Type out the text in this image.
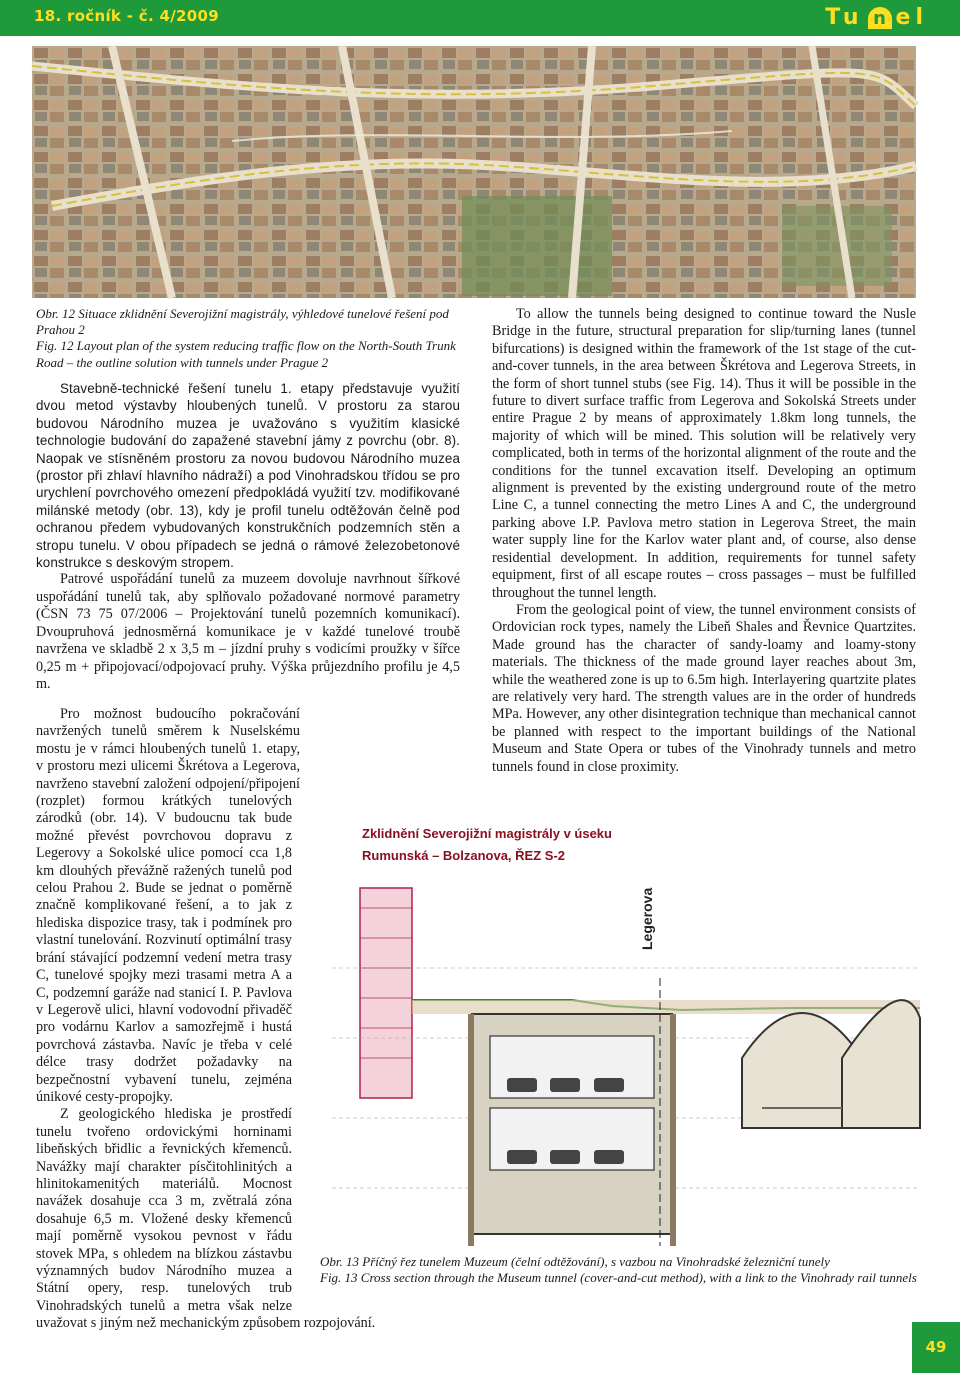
18. ročník - č. 4/2009	Tu n el
Obr. 12 Situace zklidnění Severojižní magistrály, výhledové tunelové řešení pod Prahou 2
Fig. 12 Layout plan of the system reducing traffic flow on the North-South Trunk Road – the outline solution with tunnels under Prague 2

Stavebně-technické řešení tunelu 1. etapy představuje využití dvou metod výstavby hloubených tunelů. V prostoru za starou budovou Národního muzea je uvažováno s využitím klasické technologie budování do zapažené stavební jámy z povrchu (obr. 8). Naopak ve stísněném prostoru za novou budovou Národního muzea (prostor při zhlaví hlavního nádraží) a pod Vinohradskou třídou se pro urychlení povrchového omezení předpokládá využití tzv. modifikované milánské metody (obr. 13), kdy je profil tunelu odtěžován čelně pod ochranou předem vybudovaných konstrukčních podzemních stěn a stropu tunelu. V obou případech se jedná o rámové železobetonové konstrukce s deskovým stropem.

Patrové uspořádání tunelů za muzeem dovoluje navrhnout šířkové uspořádání tunelů tak, aby splňovalo požadované normové parametry (ČSN 73 75 07/2006 – Projektování tunelů pozemních komunikací). Dvoupruhová jednosměrná komunikace je v každé tunelové troubě navržena ve skladbě 2 x 3,5 m – jízdní pruhy s vodicími proužky v šířce 0,25 m + připojovací/odpojovací pruhy. Výška průjezdního profilu je 4,5 m.

Pro možnost budoucího pokračování navržených tunelů směrem k Nuselskému mostu je v rámci hloubených tunelů 1. etapy, v prostoru mezi ulicemi Škrétova a Legerova, navrženo stavební založení odpojení/připojení (rozplet) formou krátkých tunelových zárodků (obr. 14). V budoucnu tak bude možné převést povrchovou dopravu z Legerovy a Sokolské ulice pomocí cca 1,8 km dlouhých převážně ražených tunelů pod celou Prahou 2. Bude se jednat o poměrně značně komplikované řešení, a to jak z hlediska dispozice trasy, tak i podmínek pro vlastní tunelování. Rozvinutí optimální trasy brání stávající podzemní vedení metra trasy C, tunelové spojky mezi trasami metra A a C, podzemní garáže nad stanicí I. P. Pavlova v Legerově ulici, hlavní vodovodní přivaděč pro vodárnu Karlov a samozřejmě i hustá povrchová zástavba. Navíc je třeba v celé délce trasy dodržet požadavky na bezpečnostní vybavení tunelu, zejména únikové cesty-propojky.

Z geologického hlediska je prostředí tunelu tvořeno ordovickými horninami libeňských břidlic a řevnických křemenců. Navážky mají charakter písčitohlinitých a hlinitokamenitých materiálů. Mocnost navážek dosahuje cca 3 m, zvětralá zóna dosahuje 6,5 m. Vložené desky křemenců mají poměrně vysokou pevnost v řádu stovek MPa, s ohledem na blízkou zástavbu významných budov Národního muzea a Státní opery, resp. tunelových trub Vinohradských tunelů a metra však nelze uvažovat s jiným než mechanickým způsobem rozpojování.

To allow the tunnels being designed to continue toward the Nusle Bridge in the future, structural preparation for slip/turning lanes (tunnel bifurcations) is designed within the framework of the 1st stage of the cut-and-cover tunnels, in the area between Škrétova and Legerova Streets, in the form of short tunnel stubs (see Fig. 14). Thus it will be possible in the future to divert surface traffic from Legerova and Sokolská Streets under entire Prague 2 by means of approximately 1.8km long tunnels, the majority of which will be mined. This solution will be relatively very complicated, both in terms of the horizontal alignment of the route and the conditions for the tunnel excavation itself. Developing an optimum alignment is prevented by the existing underground route of the metro Line C, a tunnel connecting the metro Lines A and C, the underground parking above I.P. Pavlova metro station in Legerova Street, the main water supply line for the Karlov water plant and, of course, also dense residential development. In addition, requirements for tunnel safety equipment, first of all escape routes – cross passages – must be fulfilled throughout the tunnel length.

From the geological point of view, the tunnel environment consists of Ordovician rock types, namely the Libeň Shales and Řevnice Quartzites. Made ground has the character of sandy-loamy and loamy-stony materials. The thickness of the made ground layer reaches about 3m, while the weathered zone is up to 6.5m high. Interlayering quartzite plates are relatively very hard. The strength values are in the order of hundreds MPa. However, any other disintegration technique than mechanical cannot be planned with respect to the important buildings of the National Museum and State Opera or tubes of the Vinohrady tunnels and metro tunnels found in close proximity.

Zklidnění Severojižní magistrály v úseku
Rumunská – Bolzanova, ŘEZ S-2
Legerova
Obr. 13 Příčný řez tunelem Muzeum (čelní odtěžování), s vazbou na Vinohradské železniční tunely
Fig. 13 Cross section through the Museum tunnel (cover-and-cut method), with a link to the Vinohrady rail tunnels
49
